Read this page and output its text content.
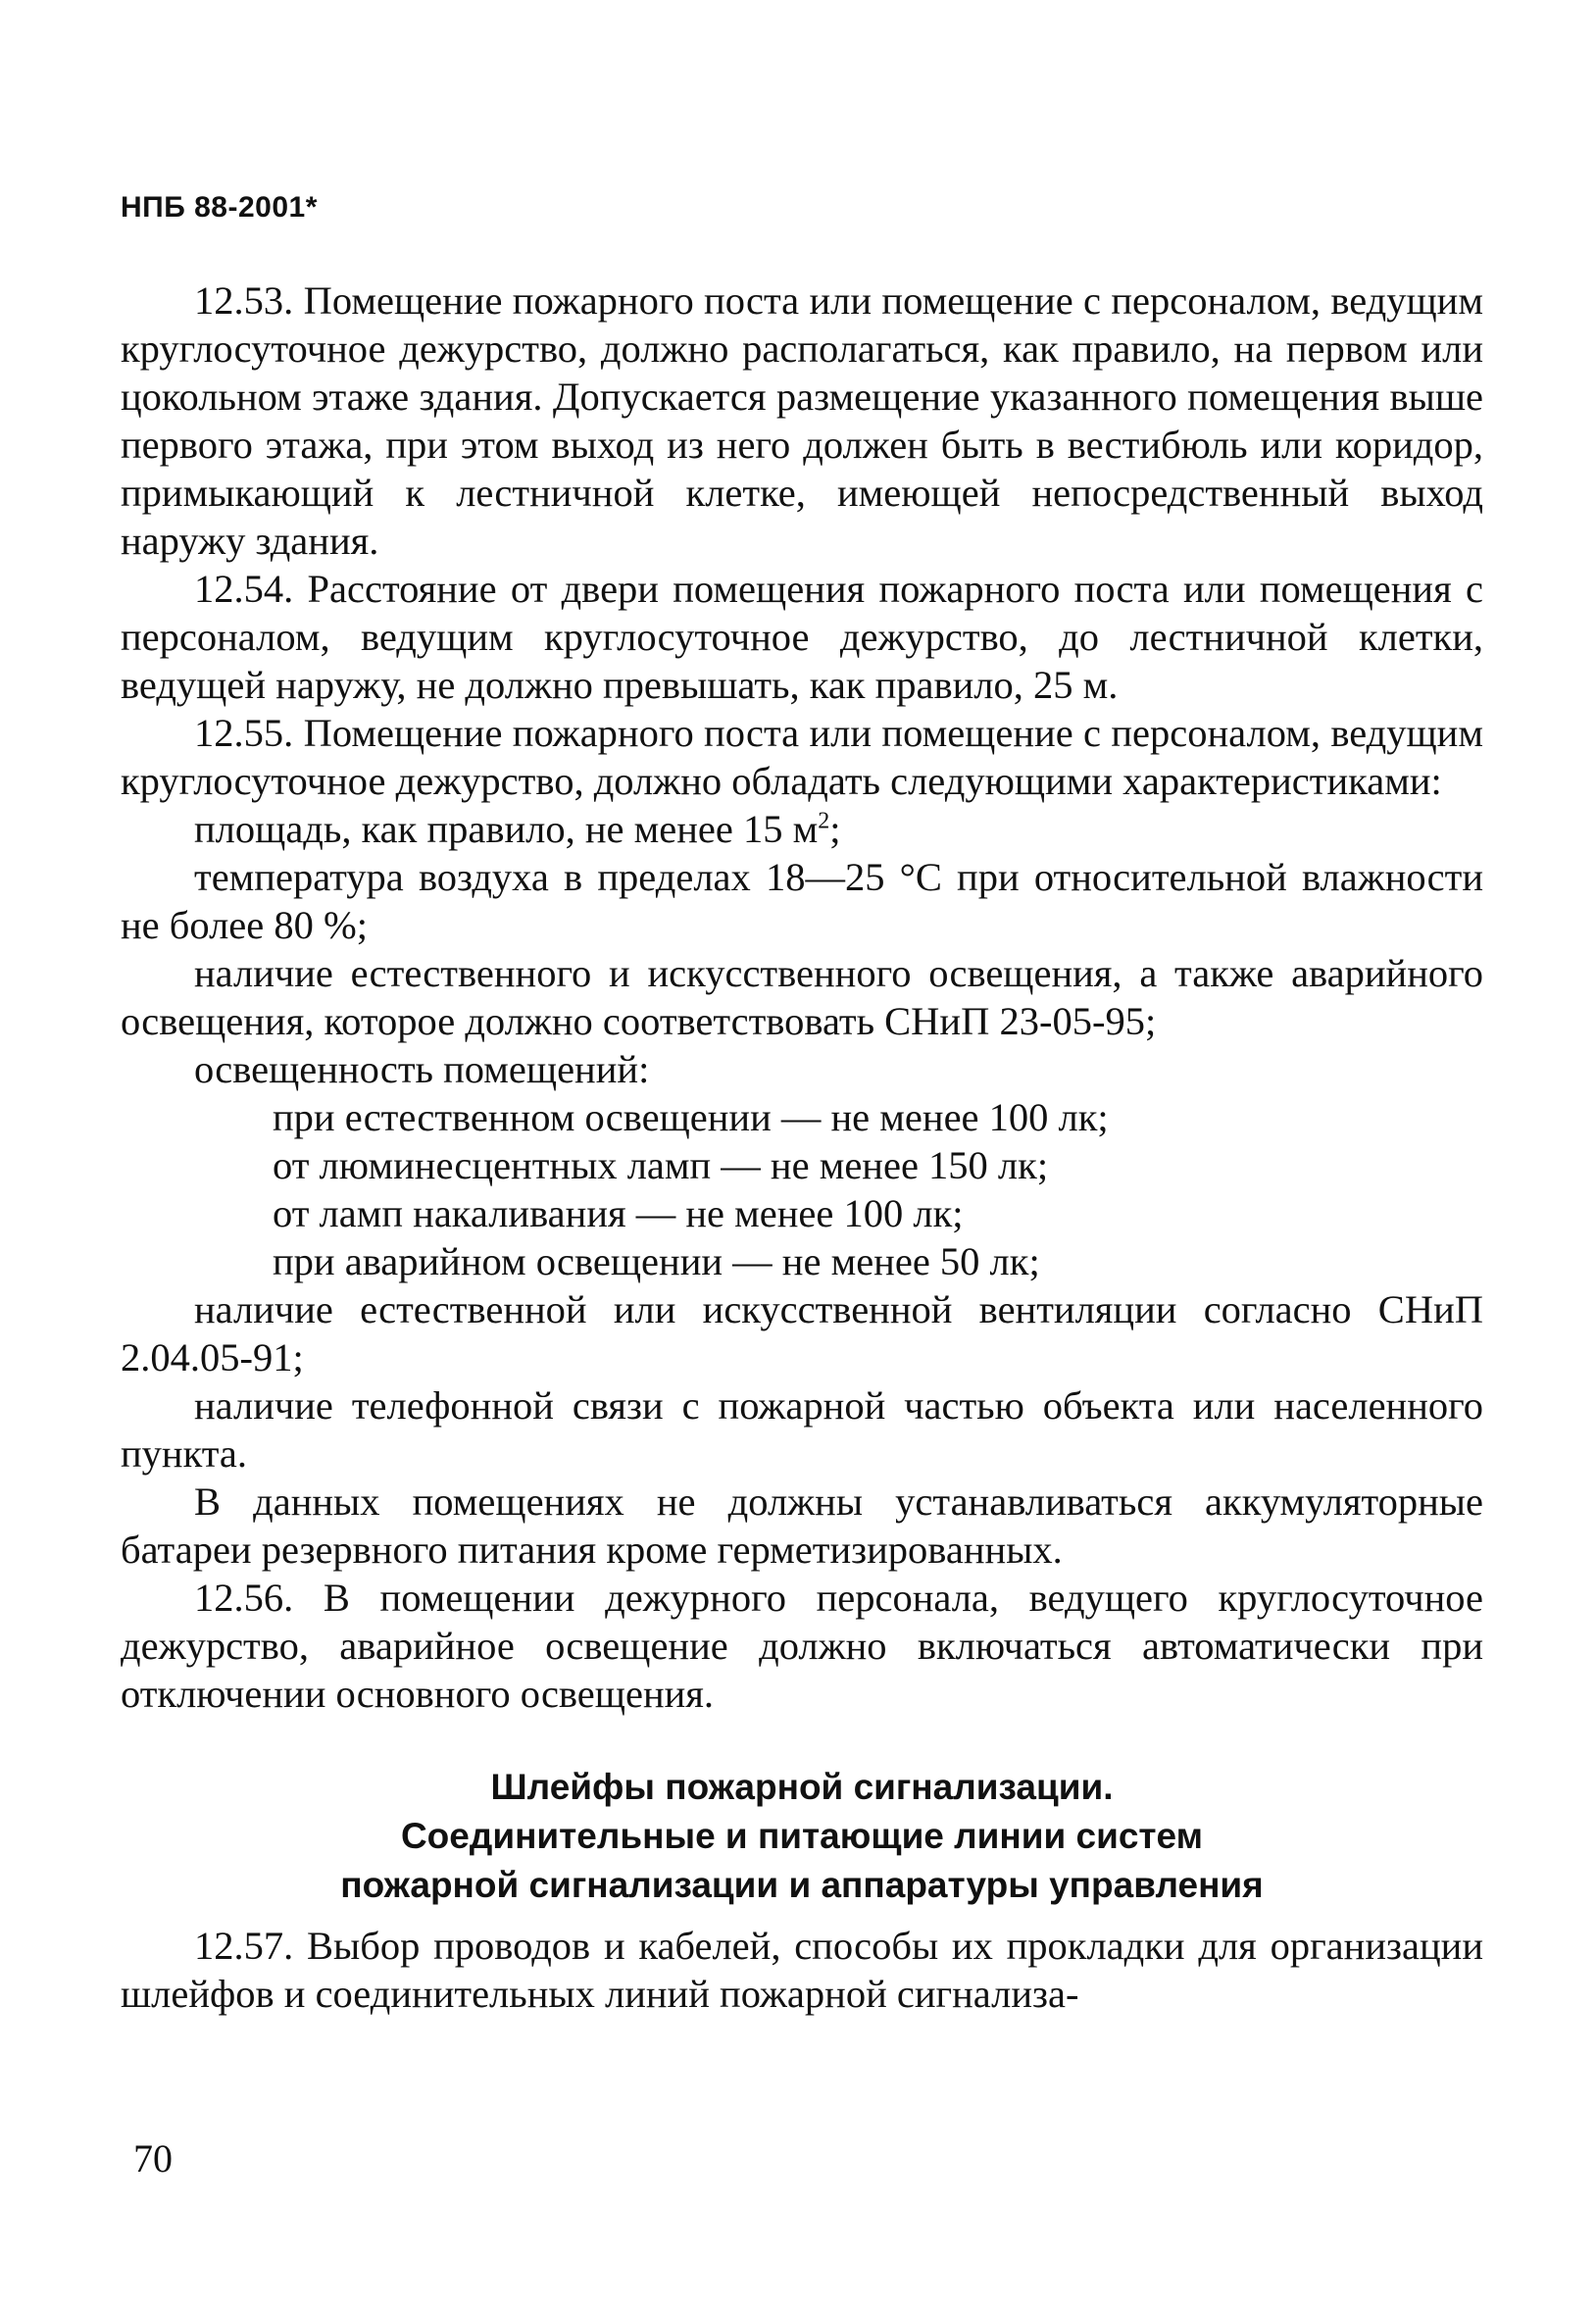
НПБ 88-2001*

12.53. Помещение пожарного поста или помещение с персоналом, ведущим круглосуточное дежурство, должно располагаться, как правило, на первом или цокольном этаже здания. Допускается размещение указанного помещения выше первого этажа, при этом выход из него должен быть в вестибюль или коридор, примыкающий к лестничной клетке, имеющей непосредственный выход наружу здания.

12.54. Расстояние от двери помещения пожарного поста или помещения с персоналом, ведущим круглосуточное дежурство, до лестничной клетки, ведущей наружу, не должно превышать, как правило, 25 м.

12.55. Помещение пожарного поста или помещение с персоналом, ведущим круглосуточное дежурство, должно обладать следующими характеристиками:

площадь, как правило, не менее 15 $м^2$;

температура воздуха в пределах 18—25 °С при относительной влажности не более 80 %;

наличие естественного и искусственного освещения, а также аварийного освещения, которое должно соответствовать СНиП 23-05-95;

освещенность помещений:

при естественном освещении — не менее 100 лк;

от люминесцентных ламп — не менее 150 лк;

от ламп накаливания — не менее 100 лк;

при аварийном освещении — не менее 50 лк;

наличие естественной или искусственной вентиляции согласно СНиП 2.04.05-91;

наличие телефонной связи с пожарной частью объекта или населенного пункта.

В данных помещениях не должны устанавливаться аккумуляторные батареи резервного питания кроме герметизированных.

12.56. В помещении дежурного персонала, ведущего круглосуточное дежурство, аварийное освещение должно включаться автоматически при отключении основного освещения.

Шлейфы пожарной сигнализации.
Соединительные и питающие линии систем
пожарной сигнализации и аппаратуры управления

12.57. Выбор проводов и кабелей, способы их прокладки для организации шлейфов и соединительных линий пожарной сигнализа-

70
